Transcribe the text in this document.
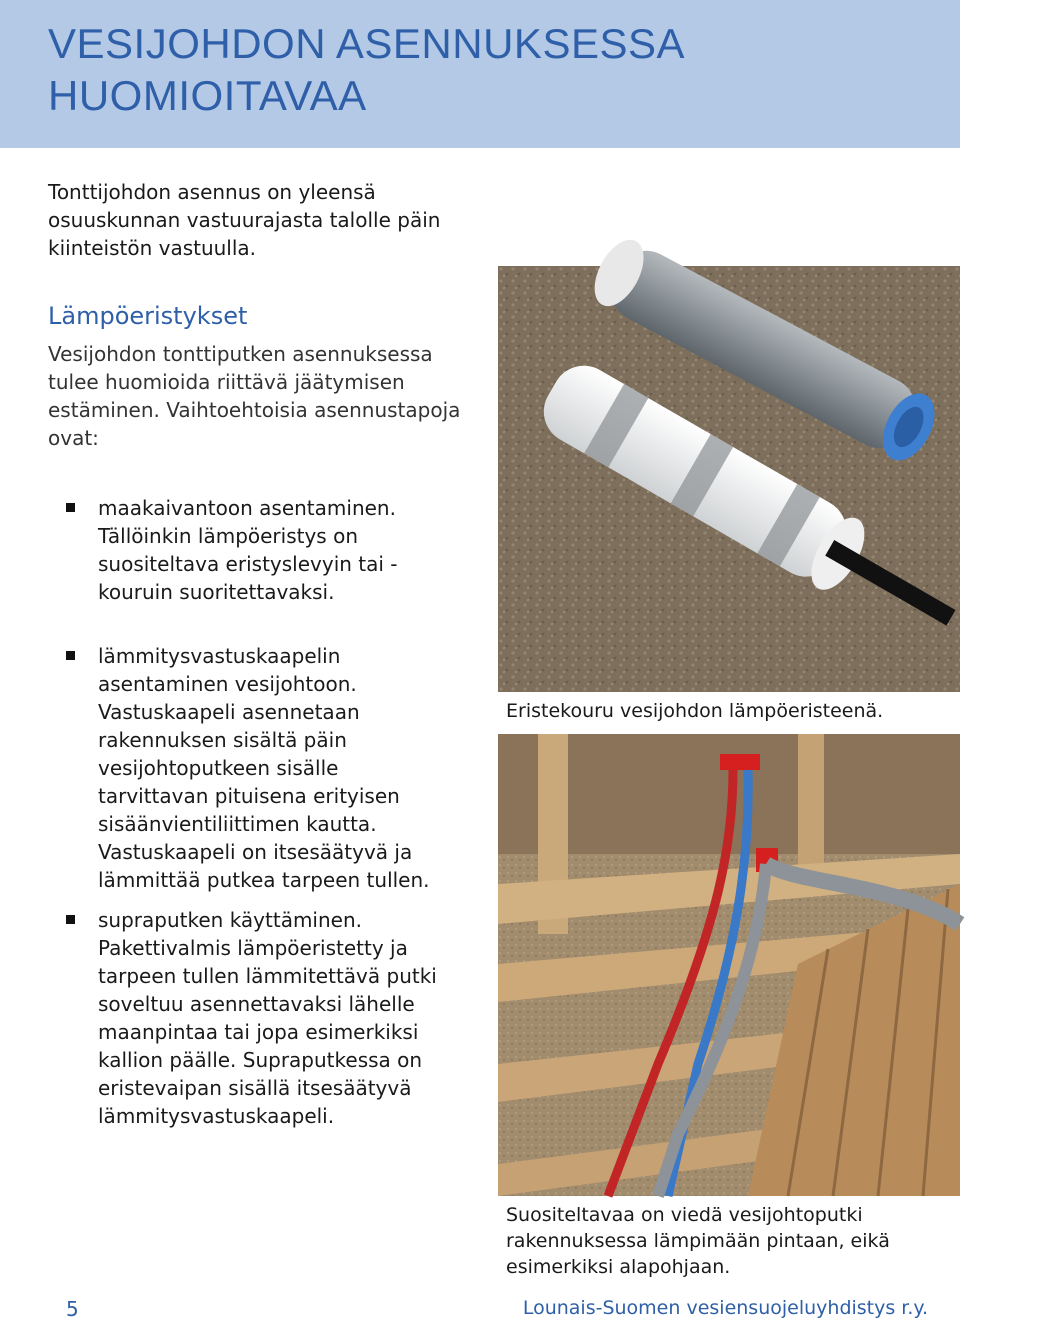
VESIJOHDON ASENNUKSESSA HUOMIOITAVAA
Tonttijohdon asennus on yleensä osuuskunnan vastuurajasta talolle päin kiinteistön vastuulla.
Lämpöeristykset
Vesijohdon tonttiputken asennuksessa tulee huomioida riittävä jäätymisen estäminen. Vaihtoehtoisia asennustapoja ovat:
maakaivantoon asentaminen. Tällöinkin lämpöeristys on suositeltava eristyslevyin tai -kouruin suoritettavaksi.
lämmitysvastuskaapelin asentaminen vesijohtoon. Vastuskaapeli asennetaan rakennuksen sisältä päin vesijohtoputkeen sisälle tarvittavan pituisena erityisen sisäänvientiliittimen kautta. Vastuskaapeli on itsesäätyvä ja lämmittää putkea tarpeen tullen.
supraputken käyttäminen. Pakettivalmis lämpöeristetty ja tarpeen tullen lämmitettävä putki soveltuu asennettavaksi lähelle maanpintaa tai jopa esimerkiksi kallion päälle. Supraputkessa on eristevaipan sisällä itsesäätyvä lämmitysvastuskaapeli.
Kuvat: Raila Väkevä
Eristekouru vesijohdon lämpöeristeenä.
Suositeltavaa on viedä vesijohtoputki rakennuksessa lämpimään pintaan, eikä esimerkiksi alapohjaan.
5	Lounais-Suomen vesiensuojeluyhdistys r.y.
